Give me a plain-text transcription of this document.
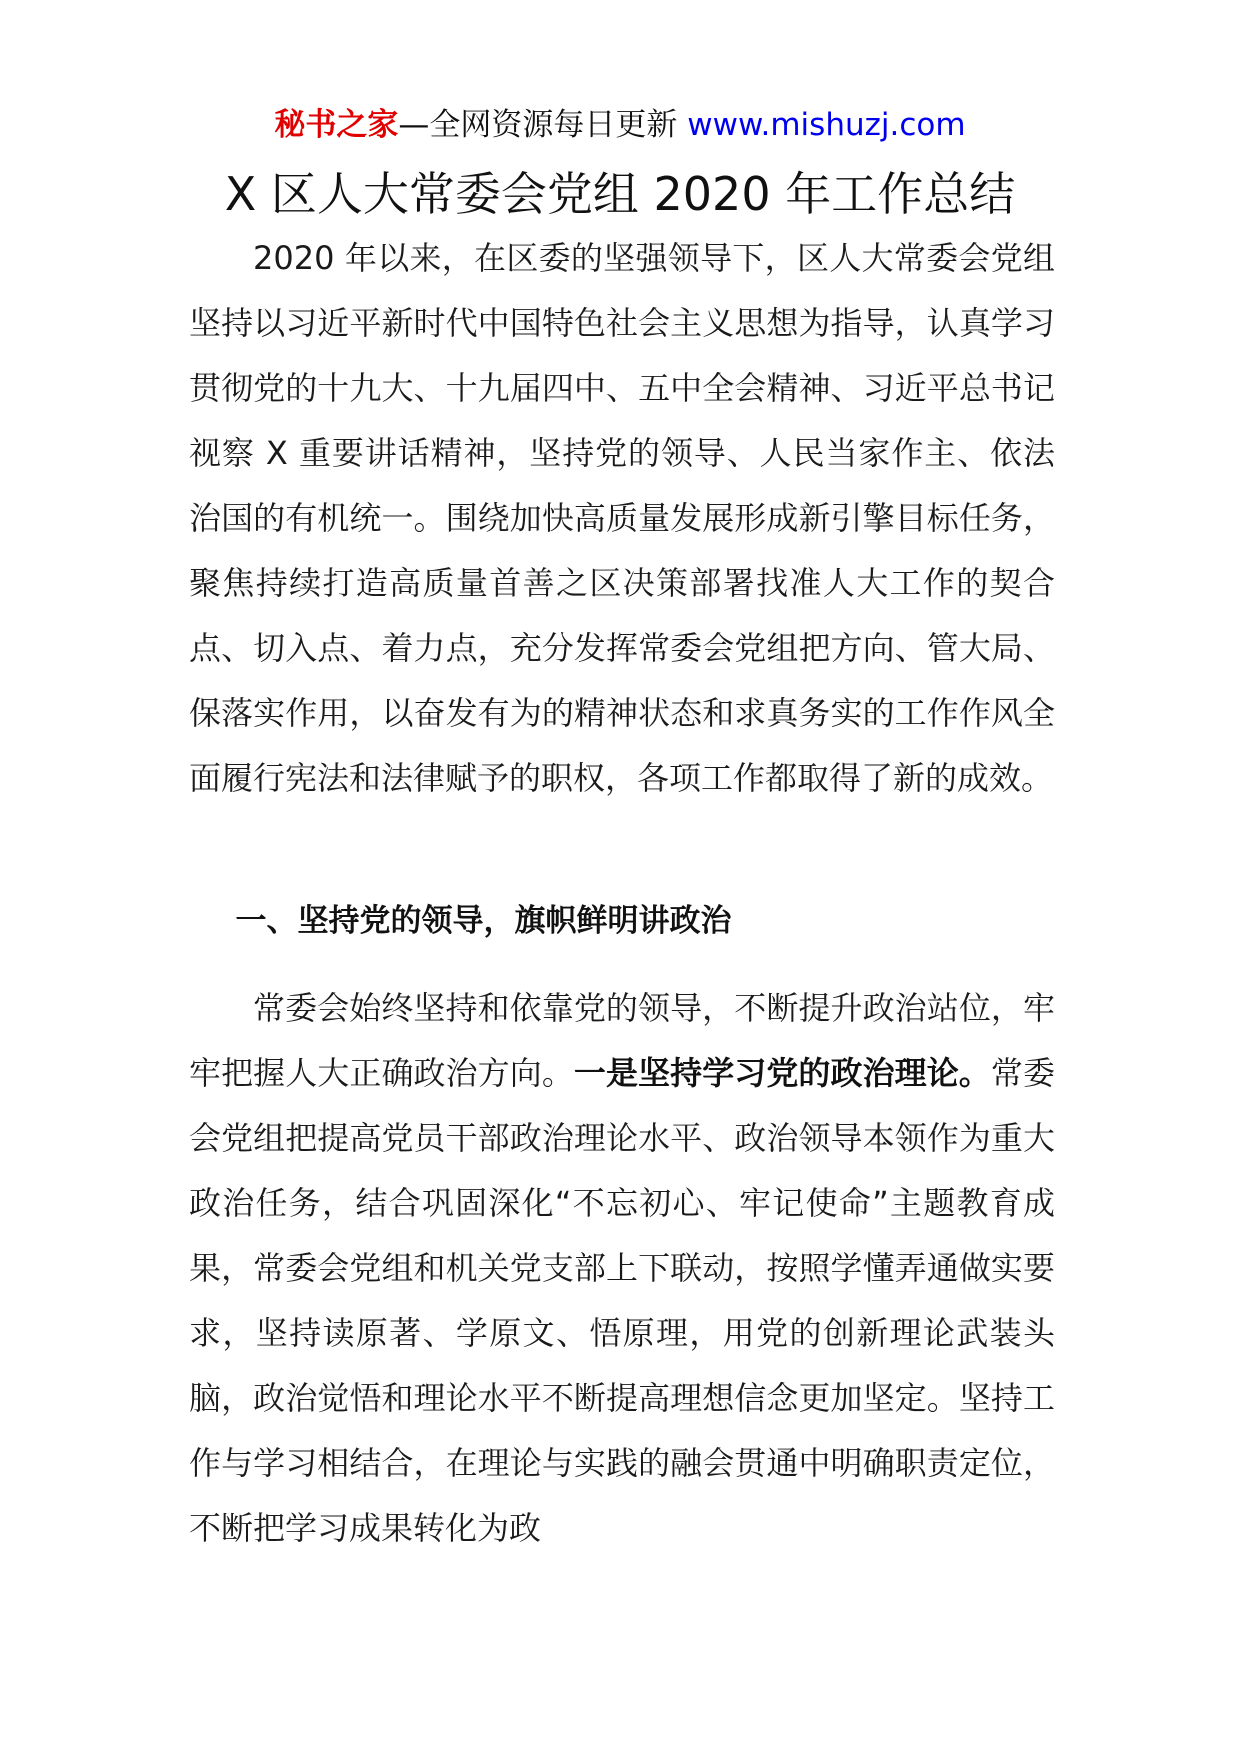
秘书之家—全网资源每日更新 www.mishuzj.com
X 区人大常委会党组 2020 年工作总结

2020 年以来，在区委的坚强领导下，区人大常委会党组坚持以习近平新时代中国特色社会主义思想为指导，认真学习贯彻党的十九大、十九届四中、五中全会精神、习近平总书记视察 X 重要讲话精神，坚持党的领导、人民当家作主、依法治国的有机统一。围绕加快高质量发展形成新引擎目标任务，聚焦持续打造高质量首善之区决策部署找准人大工作的契合点、切入点、着力点，充分发挥常委会党组把方向、管大局、保落实作用，以奋发有为的精神状态和求真务实的工作作风全面履行宪法和法律赋予的职权，各项工作都取得了新的成效。

一、坚持党的领导，旗帜鲜明讲政治

常委会始终坚持和依靠党的领导，不断提升政治站位，牢牢把握人大正确政治方向。一是坚持学习党的政治理论。常委会党组把提高党员干部政治理论水平、政治领导本领作为重大政治任务，结合巩固深化“不忘初心、牢记使命”主题教育成果，常委会党组和机关党支部上下联动，按照学懂弄通做实要求，坚持读原著、学原文、悟原理，用党的创新理论武装头脑，政治觉悟和理论水平不断提高理想信念更加坚定。坚持工作与学习相结合，在理论与实践的融会贯通中明确职责定位，不断把学习成果转化为政
